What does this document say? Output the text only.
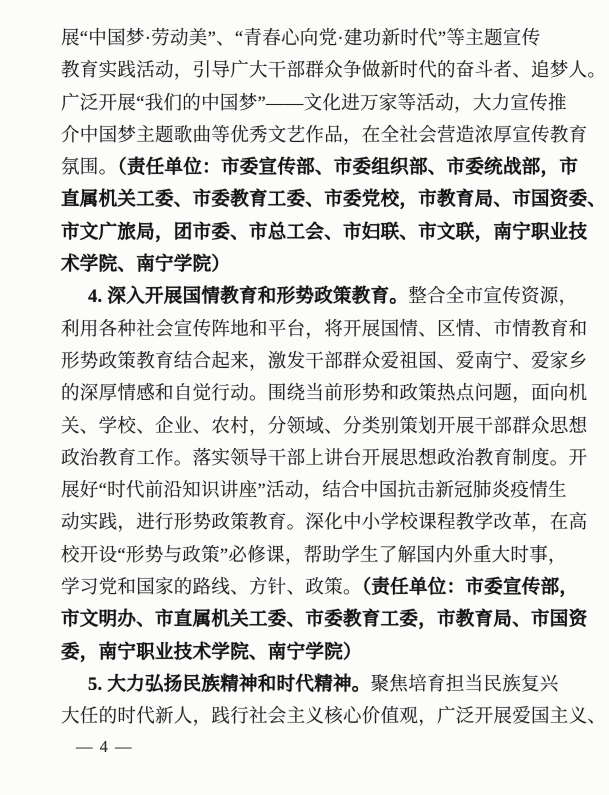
展“中国梦·劳动美”、“青春心向党·建功新时代”等主题宣传
教育实践活动，引导广大干部群众争做新时代的奋斗者、追梦人。
广泛开展“我们的中国梦”——文化进万家等活动，大力宣传推
介中国梦主题歌曲等优秀文艺作品，在全社会营造浓厚宣传教育
氛围。（责任单位：市委宣传部、市委组织部、市委统战部，市
直属机关工委、市委教育工委、市委党校，市教育局、市国资委、
市文广旅局，团市委、市总工会、市妇联、市文联，南宁职业技
术学院、南宁学院）
4. 深入开展国情教育和形势政策教育。整合全市宣传资源，
利用各种社会宣传阵地和平台，将开展国情、区情、市情教育和
形势政策教育结合起来，激发干部群众爱祖国、爱南宁、爱家乡
的深厚情感和自觉行动。围绕当前形势和政策热点问题，面向机
关、学校、企业、农村，分领域、分类别策划开展干部群众思想
政治教育工作。落实领导干部上讲台开展思想政治教育制度。开
展好“时代前沿知识讲座”活动，结合中国抗击新冠肺炎疫情生
动实践，进行形势政策教育。深化中小学校课程教学改革，在高
校开设“形势与政策”必修课，帮助学生了解国内外重大时事，
学习党和国家的路线、方针、政策。（责任单位：市委宣传部，
市文明办、市直属机关工委、市委教育工委，市教育局、市国资
委，南宁职业技术学院、南宁学院）
5. 大力弘扬民族精神和时代精神。聚焦培育担当民族复兴
大任的时代新人，践行社会主义核心价值观，广泛开展爱国主义、
— 4 —
